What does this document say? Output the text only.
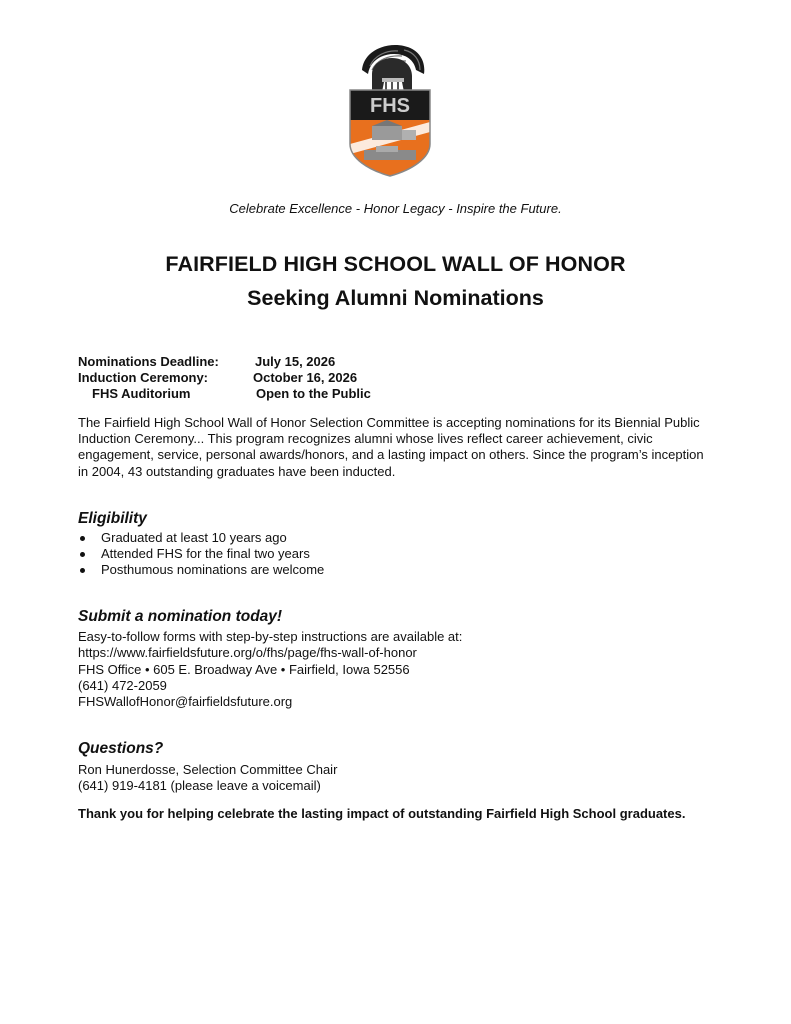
FHS
Celebrate Excellence - Honor Legacy - Inspire the Future.
FAIRFIELD HIGH SCHOOL WALL OF HONOR
Seeking Alumni Nominations
Nominations Deadline:	July 15, 2026
Induction Ceremony:	October 16, 2026
FHS Auditorium	Open to the Public
The Fairfield High School Wall of Honor Selection Committee is accepting nominations for its Biennial Public Induction Ceremony... This program recognizes alumni whose lives reflect career achievement, civic engagement, service, personal awards/honors, and a lasting impact on others. Since the program’s inception in 2004, 43 outstanding graduates have been inducted.
Eligibility
Graduated at least 10 years ago
Attended FHS for the final two years
Posthumous nominations are welcome
Submit a nomination today!
Easy-to-follow forms with step-by-step instructions are available at:
https://www.fairfieldsfuture.org/o/fhs/page/fhs-wall-of-honor
FHS Office • 605 E. Broadway Ave • Fairfield, Iowa 52556
(641) 472-2059
FHSWallofHonor@fairfieldsfuture.org
Questions?
Ron Hunerdosse, Selection Committee Chair
(641) 919-4181 (please leave a voicemail)
Thank you for helping celebrate the lasting impact of outstanding Fairfield High School graduates.
